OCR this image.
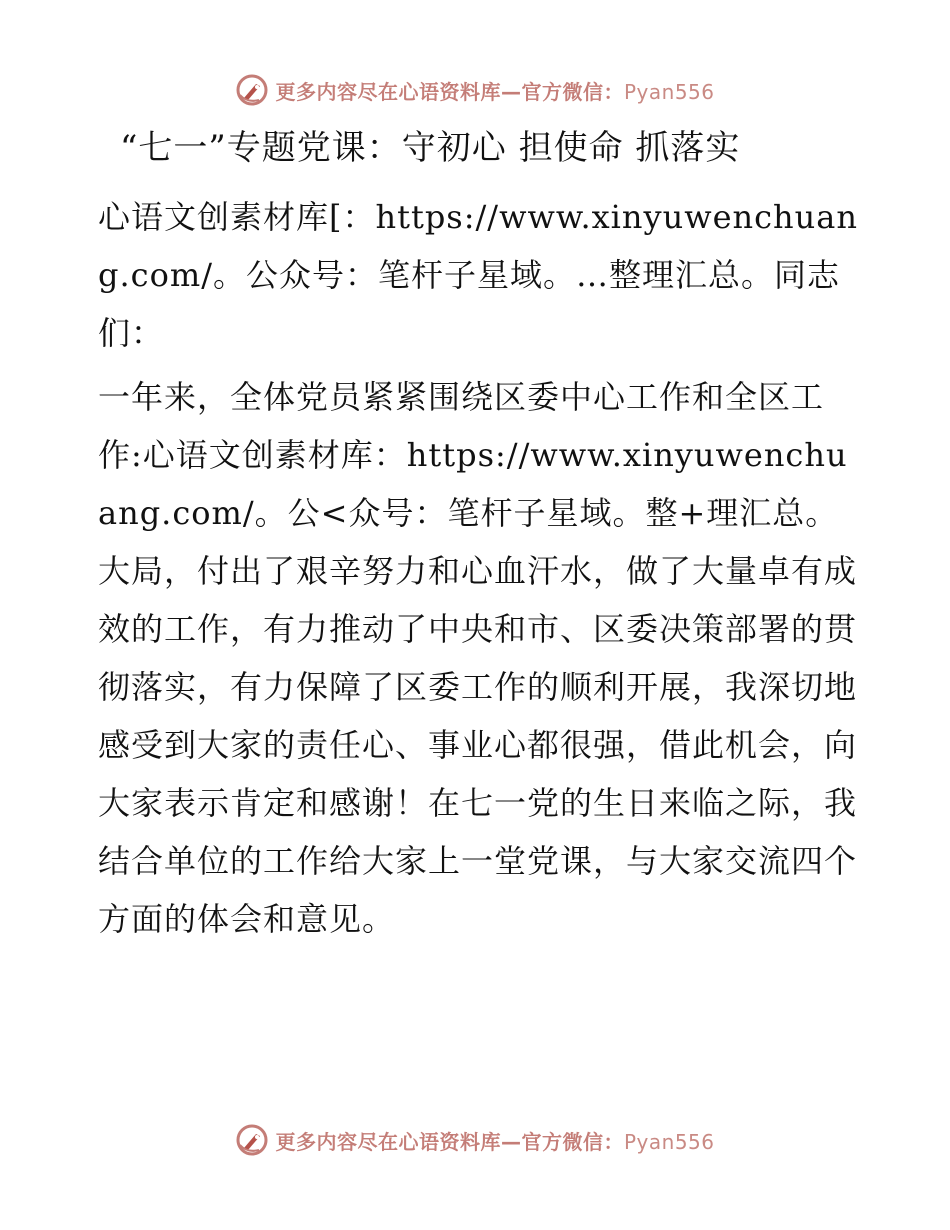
更多内容尽在心语资料库—官方微信：Pyan556

“七一”专题党课：守初心 担使命 抓落实

心语文创素材库[：https://www.xinyuwenchuang.com/。公众号：笔杆子星域。…整理汇总。同志们：

一年来，全体党员紧紧围绕区委中心工作和全区工作:心语文创素材库：https://www.xinyuwenchuang.com/。公<众号：笔杆子星域。整+理汇总。大局，付出了艰辛努力和心血汗水，做了大量卓有成效的工作，有力推动了中央和市、区委决策部署的贯彻落实，有力保障了区委工作的顺利开展，我深切地感受到大家的责任心、事业心都很强，借此机会，向大家表示肯定和感谢！在七一党的生日来临之际，我结合单位的工作给大家上一堂党课，与大家交流四个方面的体会和意见。

更多内容尽在心语资料库—官方微信：Pyan556
